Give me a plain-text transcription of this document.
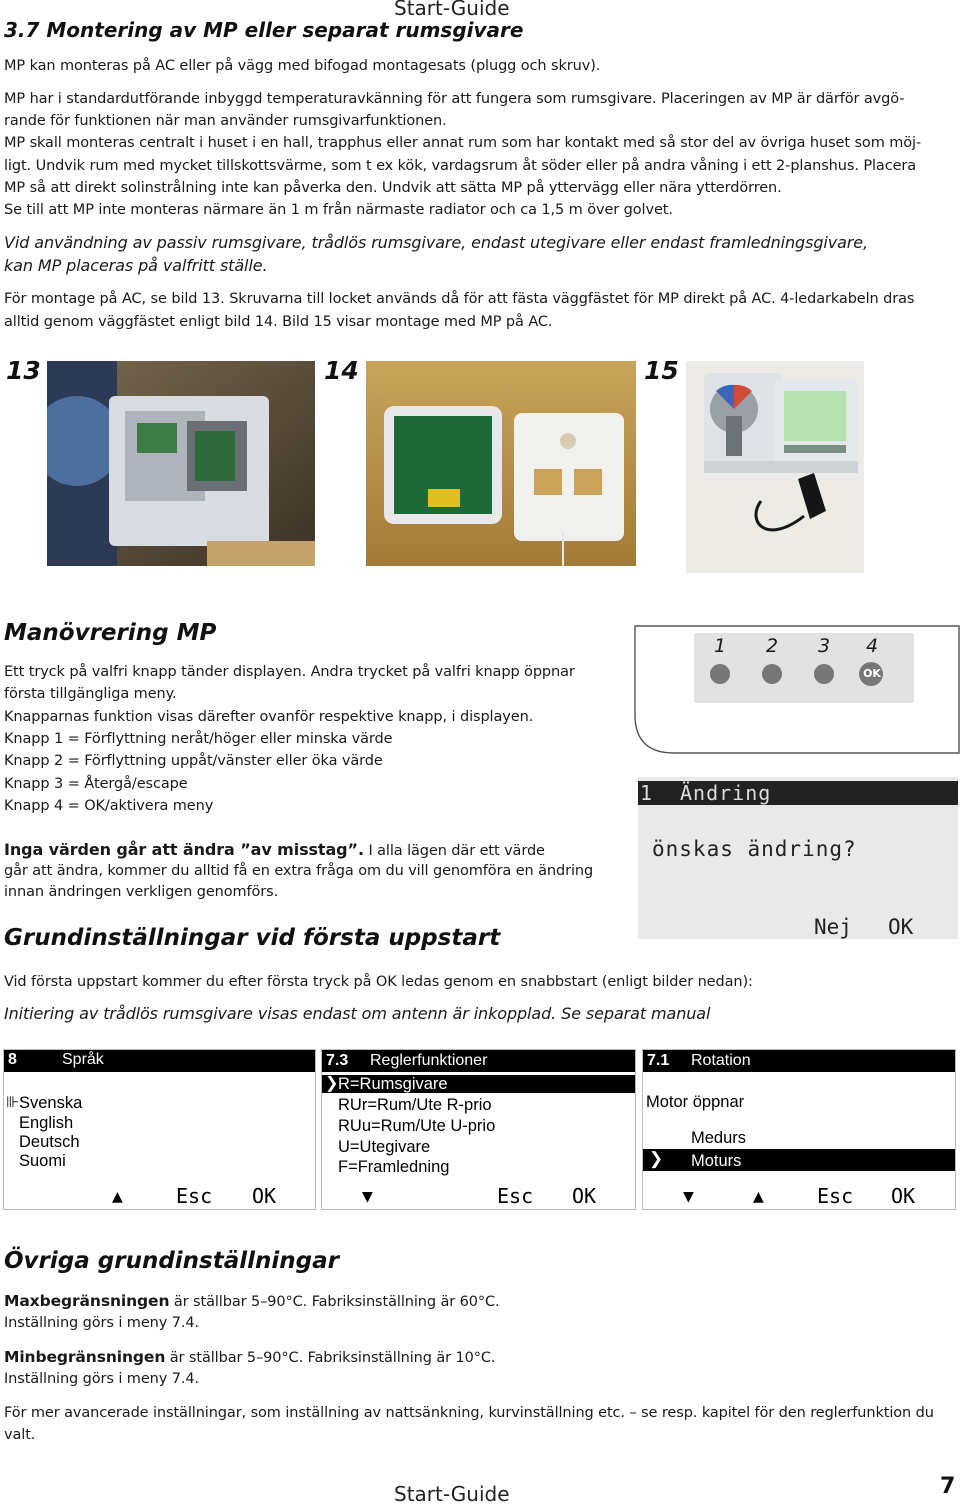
Start-Guide
3.7 Montering av MP eller separat rumsgivare
MP kan monteras på AC eller på vägg med bifogad montagesats (plugg och skruv).
MP har i standardutförande inbyggd temperaturavkänning för att fungera som rumsgivare. Placeringen av MP är därför avgö-
rande för funktionen när man använder rumsgivarfunktionen.
MP skall monteras centralt i huset i en hall, trapphus eller annat rum som har kontakt med så stor del av övriga huset som möj-
ligt. Undvik rum med mycket tillskottsvärme, som t ex kök, vardagsrum åt söder eller på andra våning i ett 2-planshus. Placera
MP så att direkt solinstrålning inte kan påverka den. Undvik att sätta MP på yttervägg eller nära ytterdörren.
Se till att MP inte monteras närmare än 1 m från närmaste radiator och ca 1,5 m över golvet.
Vid användning av passiv rumsgivare, trådlös rumsgivare, endast utegivare eller endast framledningsgivare,
kan MP placeras på valfritt ställe.
För montage på AC, se bild 13. Skruvarna till locket används då för att fästa väggfästet för MP direkt på AC. 4-ledarkabeln dras
alltid genom väggfästet enligt bild 14. Bild 15 visar montage med MP på AC.
13	14	15
Manövrering MP
Ett tryck på valfri knapp tänder displayen. Andra trycket på valfri knapp öppnar
första tillgängliga meny.
Knapparnas funktion visas därefter ovanför respektive knapp, i displayen.
Knapp 1 = Förflyttning neråt/höger eller minska värde
Knapp 2 = Förflyttning uppåt/vänster eller öka värde
Knapp 3 = Återgå/escape
Knapp 4 = OK/aktivera meny
Inga värden går att ändra ”av misstag”. I alla lägen där ett värde
går att ändra, kommer du alltid få en extra fråga om du vill genomföra en ändring
innan ändringen verkligen genomförs.
1 2 3 4
OK
1 Ändring
önskas ändring?
Nej OK
Grundinställningar vid första uppstart
Vid första uppstart kommer du efter första tryck på OK ledas genom en snabbstart (enligt bilder nedan):
Initiering av trådlös rumsgivare visas endast om antenn är inkopplad. Se separat manual
8	Språk
⊪ Svenska
English
Deutsch
Suomi
▲	Esc OK
7.3 Reglerfunktioner
❯ R=Rumsgivare
RUr=Rum/Ute R-prio
RUu=Rum/Ute U-prio
U=Utegivare
F=Framledning
▼	Esc OK
7.1 Rotation
Motor öppnar
Medurs
❯ Moturs
▼	▲	Esc OK
Övriga grundinställningar
Maxbegränsningen är ställbar 5–90°C. Fabriksinställning är 60°C.
Inställning görs i meny 7.4.
Minbegränsningen är ställbar 5–90°C. Fabriksinställning är 10°C.
Inställning görs i meny 7.4.
För mer avancerade inställningar, som inställning av nattsänkning, kurvinställning etc. – se resp. kapitel för den reglerfunktion du
valt.
Start-Guide	7
